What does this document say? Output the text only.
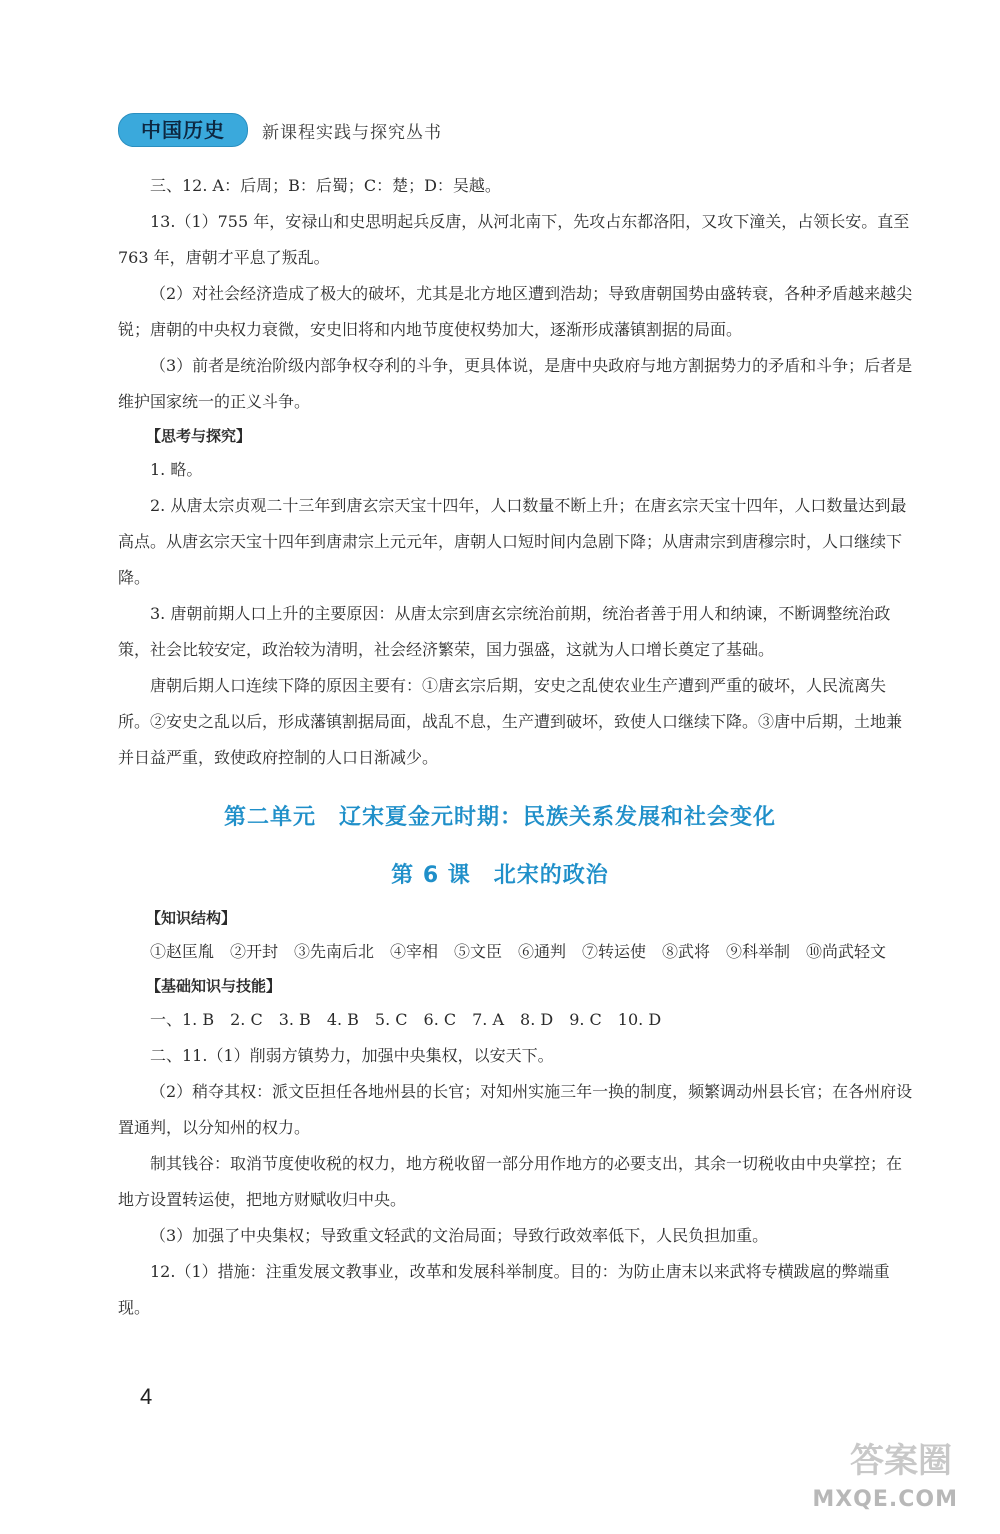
中国历史	新课程实践与探究丛书

三、12. A：后周；B：后蜀；C：楚；D：吴越。

13.（1）755 年，安禄山和史思明起兵反唐，从河北南下，先攻占东都洛阳，又攻下潼关，占领长安。直至 763 年，唐朝才平息了叛乱。

（2）对社会经济造成了极大的破坏，尤其是北方地区遭到浩劫；导致唐朝国势由盛转衰，各种矛盾越来越尖锐；唐朝的中央权力衰微，安史旧将和内地节度使权势加大，逐渐形成藩镇割据的局面。

（3）前者是统治阶级内部争权夺利的斗争，更具体说，是唐中央政府与地方割据势力的矛盾和斗争；后者是维护国家统一的正义斗争。

【思考与探究】

1. 略。

2. 从唐太宗贞观二十三年到唐玄宗天宝十四年，人口数量不断上升；在唐玄宗天宝十四年，人口数量达到最高点。从唐玄宗天宝十四年到唐肃宗上元元年，唐朝人口短时间内急剧下降；从唐肃宗到唐穆宗时，人口继续下降。

3. 唐朝前期人口上升的主要原因：从唐太宗到唐玄宗统治前期，统治者善于用人和纳谏，不断调整统治政策，社会比较安定，政治较为清明，社会经济繁荣，国力强盛，这就为人口增长奠定了基础。

唐朝后期人口连续下降的原因主要有：①唐玄宗后期，安史之乱使农业生产遭到严重的破坏，人民流离失所。②安史之乱以后，形成藩镇割据局面，战乱不息，生产遭到破坏，致使人口继续下降。③唐中后期，土地兼并日益严重，致使政府控制的人口日渐减少。

第二单元　辽宋夏金元时期：民族关系发展和社会变化
第 6 课　北宋的政治

【知识结构】

①赵匡胤　②开封　③先南后北　④宰相　⑤文臣　⑥通判　⑦转运使　⑧武将　⑨科举制　⑩尚武轻文

【基础知识与技能】

一、1. B　2. C　3. B　4. B　5. C　6. C　7. A　8. D　9. C　10. D

二、11.（1）削弱方镇势力，加强中央集权，以安天下。

（2）稍夺其权：派文臣担任各地州县的长官；对知州实施三年一换的制度，频繁调动州县长官；在各州府设置通判，以分知州的权力。

制其钱谷：取消节度使收税的权力，地方税收留一部分用作地方的必要支出，其余一切税收由中央掌控；在地方设置转运使，把地方财赋收归中央。

（3）加强了中央集权；导致重文轻武的文治局面；导致行政效率低下，人民负担加重。

12.（1）措施：注重发展文教事业，改革和发展科举制度。目的：为防止唐末以来武将专横跋扈的弊端重现。

4
答案圈
MXQE.COM
